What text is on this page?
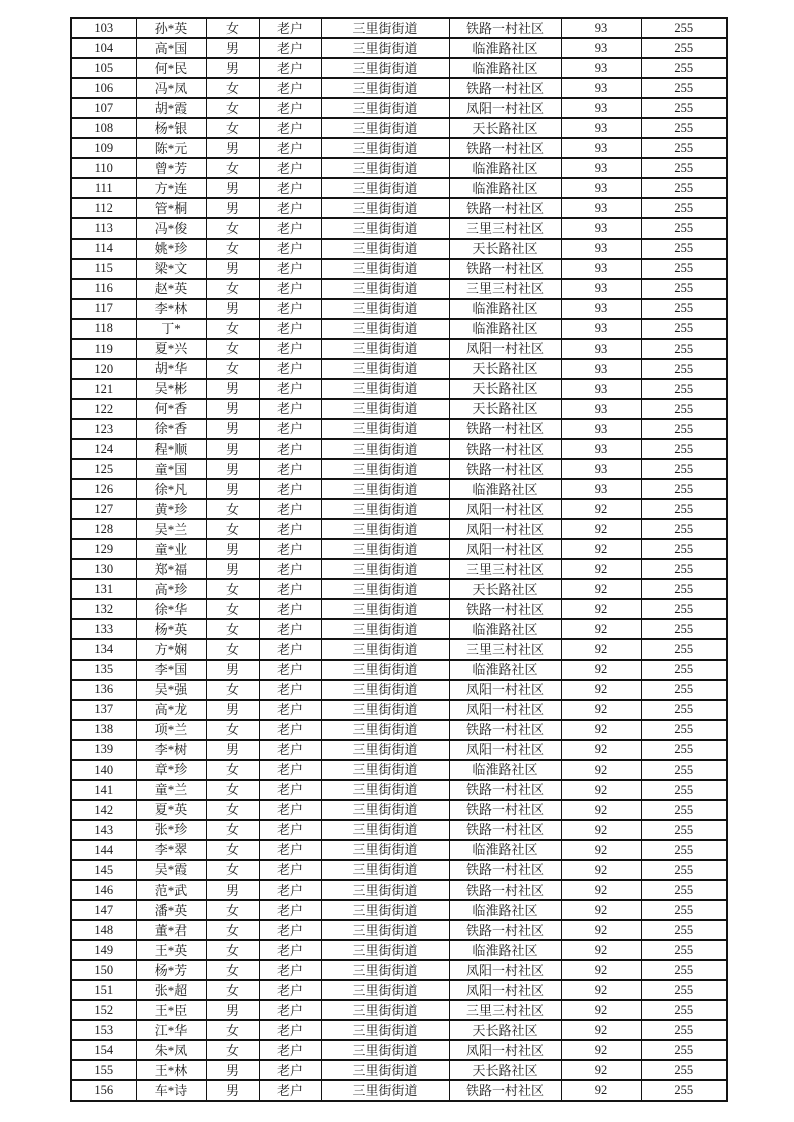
103	孙*英	女	老户	三里街街道	铁路一村社区	93	255
104	高*国	男	老户	三里街街道	临淮路社区	93	255
105	何*民	男	老户	三里街街道	临淮路社区	93	255
106	冯*凤	女	老户	三里街街道	铁路一村社区	93	255
107	胡*霞	女	老户	三里街街道	凤阳一村社区	93	255
108	杨*银	女	老户	三里街街道	天长路社区	93	255
109	陈*元	男	老户	三里街街道	铁路一村社区	93	255
110	曾*芳	女	老户	三里街街道	临淮路社区	93	255
111	方*连	男	老户	三里街街道	临淮路社区	93	255
112	管*桐	男	老户	三里街街道	铁路一村社区	93	255
113	冯*俊	女	老户	三里街街道	三里三村社区	93	255
114	姚*珍	女	老户	三里街街道	天长路社区	93	255
115	梁*文	男	老户	三里街街道	铁路一村社区	93	255
116	赵*英	女	老户	三里街街道	三里三村社区	93	255
117	李*林	男	老户	三里街街道	临淮路社区	93	255
118	丁*	女	老户	三里街街道	临淮路社区	93	255
119	夏*兴	女	老户	三里街街道	凤阳一村社区	93	255
120	胡*华	女	老户	三里街街道	天长路社区	93	255
121	吴*彬	男	老户	三里街街道	天长路社区	93	255
122	何*香	男	老户	三里街街道	天长路社区	93	255
123	徐*香	男	老户	三里街街道	铁路一村社区	93	255
124	程*顺	男	老户	三里街街道	铁路一村社区	93	255
125	童*国	男	老户	三里街街道	铁路一村社区	93	255
126	徐*凡	男	老户	三里街街道	临淮路社区	93	255
127	黄*珍	女	老户	三里街街道	凤阳一村社区	92	255
128	吴*兰	女	老户	三里街街道	凤阳一村社区	92	255
129	童*业	男	老户	三里街街道	凤阳一村社区	92	255
130	郑*福	男	老户	三里街街道	三里三村社区	92	255
131	高*珍	女	老户	三里街街道	天长路社区	92	255
132	徐*华	女	老户	三里街街道	铁路一村社区	92	255
133	杨*英	女	老户	三里街街道	临淮路社区	92	255
134	方*娴	女	老户	三里街街道	三里三村社区	92	255
135	李*国	男	老户	三里街街道	临淮路社区	92	255
136	吴*强	女	老户	三里街街道	凤阳一村社区	92	255
137	高*龙	男	老户	三里街街道	凤阳一村社区	92	255
138	项*兰	女	老户	三里街街道	铁路一村社区	92	255
139	李*树	男	老户	三里街街道	凤阳一村社区	92	255
140	章*珍	女	老户	三里街街道	临淮路社区	92	255
141	童*兰	女	老户	三里街街道	铁路一村社区	92	255
142	夏*英	女	老户	三里街街道	铁路一村社区	92	255
143	张*珍	女	老户	三里街街道	铁路一村社区	92	255
144	李*翠	女	老户	三里街街道	临淮路社区	92	255
145	吴*霞	女	老户	三里街街道	铁路一村社区	92	255
146	范*武	男	老户	三里街街道	铁路一村社区	92	255
147	潘*英	女	老户	三里街街道	临淮路社区	92	255
148	董*君	女	老户	三里街街道	铁路一村社区	92	255
149	王*英	女	老户	三里街街道	临淮路社区	92	255
150	杨*芳	女	老户	三里街街道	凤阳一村社区	92	255
151	张*超	女	老户	三里街街道	凤阳一村社区	92	255
152	王*臣	男	老户	三里街街道	三里三村社区	92	255
153	江*华	女	老户	三里街街道	天长路社区	92	255
154	朱*凤	女	老户	三里街街道	凤阳一村社区	92	255
155	王*林	男	老户	三里街街道	天长路社区	92	255
156	车*诗	男	老户	三里街街道	铁路一村社区	92	255
